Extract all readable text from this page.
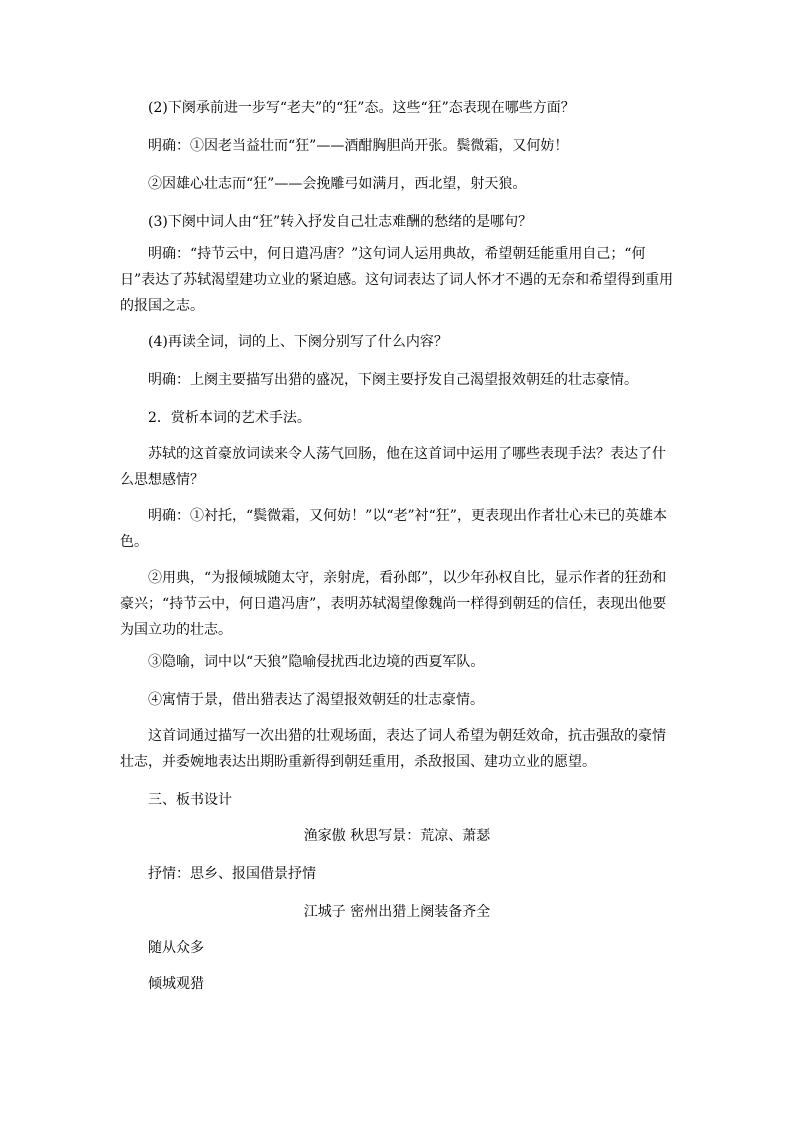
(2)下阕承前进一步写“老夫”的“狂”态。这些“狂”态表现在哪些方面？

明确：①因老当益壮而“狂”——酒酣胸胆尚开张。鬓微霜，又何妨！

②因雄心壮志而“狂”——会挽雕弓如满月，西北望，射天狼。

(3)下阕中词人由“狂”转入抒发自己壮志难酬的愁绪的是哪句？

明确：“持节云中，何日遣冯唐？”这句词人运用典故，希望朝廷能重用自己；“何日”表达了苏轼渴望建功立业的紧迫感。这句词表达了词人怀才不遇的无奈和希望得到重用的报国之志。

(4)再读全词，词的上、下阕分别写了什么内容？

明确：上阕主要描写出猎的盛况，下阕主要抒发自己渴望报效朝廷的壮志豪情。

2．赏析本词的艺术手法。

苏轼的这首豪放词读来令人荡气回肠，他在这首词中运用了哪些表现手法？表达了什么思想感情？

明确：①衬托，“鬓微霜，又何妨！”以“老”衬“狂”，更表现出作者壮心未已的英雄本色。

②用典，“为报倾城随太守，亲射虎，看孙郎”，以少年孙权自比，显示作者的狂劲和豪兴；“持节云中，何日遣冯唐”，表明苏轼渴望像魏尚一样得到朝廷的信任，表现出他要为国立功的壮志。

③隐喻，词中以“天狼”隐喻侵扰西北边境的西夏军队。

④寓情于景，借出猎表达了渴望报效朝廷的壮志豪情。

这首词通过描写一次出猎的壮观场面，表达了词人希望为朝廷效命，抗击强敌的豪情壮志，并委婉地表达出期盼重新得到朝廷重用，杀敌报国、建功立业的愿望。

三、板书设计

渔家傲 秋思写景：荒凉、萧瑟

抒情：思乡、报国借景抒情

江城子 密州出猎上阕装备齐全

随从众多

倾城观猎
